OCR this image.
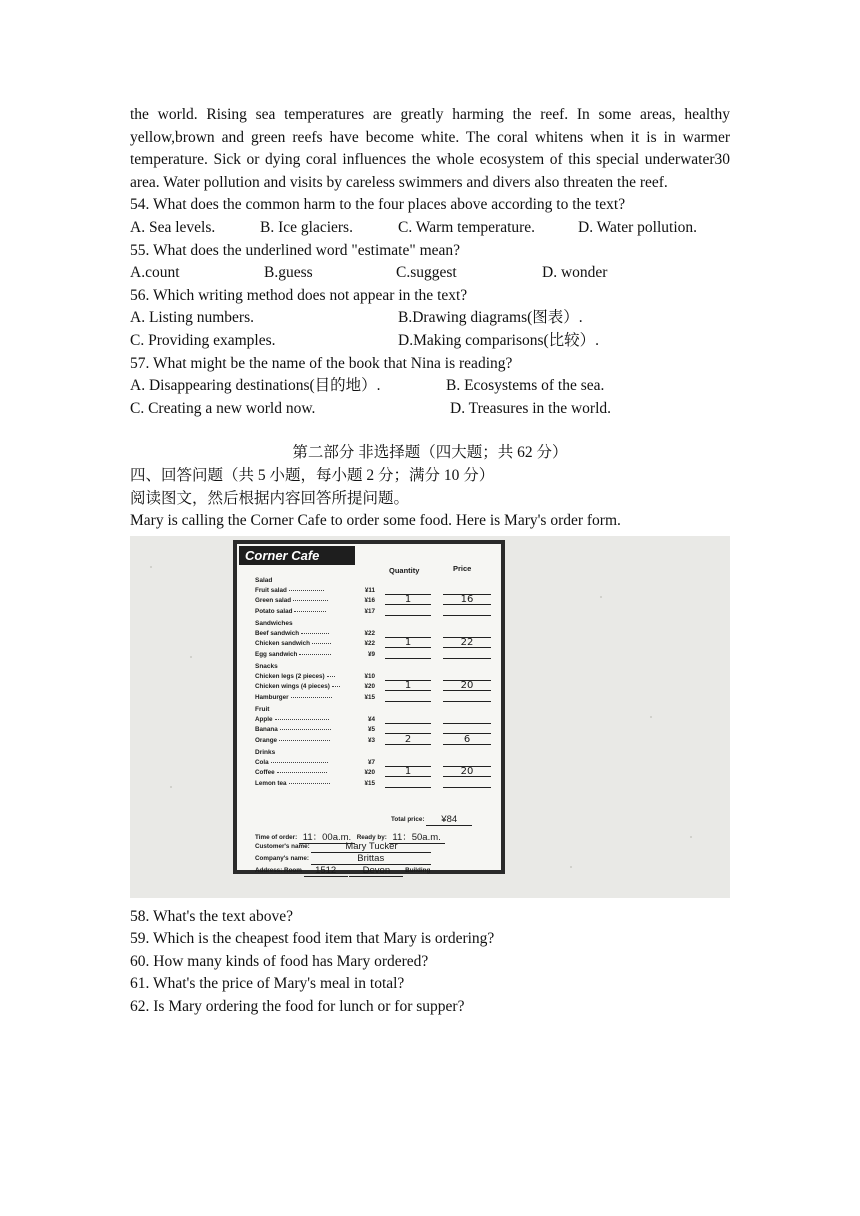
the world. Rising sea temperatures are greatly harming the reef. In some areas, healthy yellow,brown and green reefs have become white. The coral whitens when it is in warmer temperature. Sick or dying coral influences the whole ecosystem of this special underwater30 area. Water pollution and visits by careless swimmers and divers also threaten the reef.

54. What does the common harm to the four places above according to the text?

A. Sea levels.	B. Ice glaciers.	C. Warm temperature.	D. Water pollution.

55. What does the underlined word "estimate" mean?

A.count	B.guess	C.suggest	D. wonder

56. Which writing method does not appear in the text?

A. Listing numbers.	B.Drawing diagrams(图表）.
C. Providing examples.	D.Making comparisons(比较）.

57. What might be the name of the book that Nina is reading?

A. Disappearing destinations(目的地）.	B. Ecosystems of the sea.
C. Creating a new world now.	D. Treasures in the world.

第二部分 非选择题（四大题；共 62 分）

四、回答问题（共 5 小题，每小题 2 分；满分 10 分）

阅读图文，然后根据内容回答所提问题。

Mary is calling the Corner Cafe to order some food. Here is Mary's order form.

Corner Cafe
Quantity	Price
Salad
Fruit salad	¥11
Green salad	¥16	1	16
Potato salad	¥17
Sandwiches
Beef sandwich	¥22
Chicken sandwich	¥22	1	22
Egg sandwich	¥9
Snacks
Chicken legs (2 pieces)	¥10
Chicken wings (4 pieces)	¥20	1	20
Hamburger	¥15
Fruit
Apple	¥4
Banana	¥5
Orange	¥3	2	6
Drinks
Cola	¥7
Coffee	¥20	1	20
Lemon tea	¥15
Total price: ¥84
Time of order: 11：00a.m. Ready by: 11：50a.m.
Customer's name:	Mary Tucker
Company's name:	Brittas
Address: Room 1512	Devon Building

58. What's the text above?

59. Which is the cheapest food item that Mary is ordering?

60. How many kinds of food has Mary ordered?

61. What's the price of Mary's meal in total?

62. Is Mary ordering the food for lunch or for supper?
